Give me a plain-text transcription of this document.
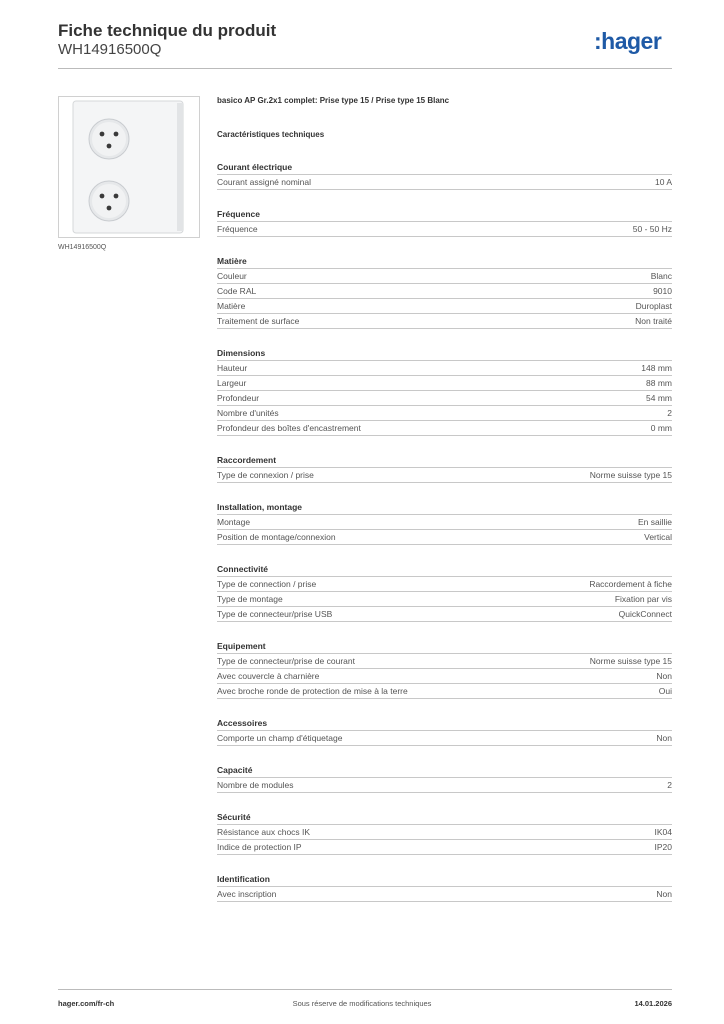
Fiche technique du produit
WH14916500Q	:hager
WH14916500Q
basico AP Gr.2x1 complet: Prise type 15 / Prise type 15 Blanc
Caractéristiques techniques
Courant électrique
Courant assigné nominal	10 A
Fréquence
Fréquence	50 - 50 Hz
Matière
Couleur	Blanc
Code RAL	9010
Matière	Duroplast
Traitement de surface	Non traité
Dimensions
Hauteur	148 mm
Largeur	88 mm
Profondeur	54 mm
Nombre d'unités	2
Profondeur des boîtes d'encastrement	0 mm
Raccordement
Type de connexion / prise	Norme suisse type 15
Installation, montage
Montage	En saillie
Position de montage/connexion	Vertical
Connectivité
Type de connection / prise	Raccordement à fiche
Type de montage	Fixation par vis
Type de connecteur/prise USB	QuickConnect
Equipement
Type de connecteur/prise de courant	Norme suisse type 15
Avec couvercle à charnière	Non
Avec broche ronde de protection de mise à la terre	Oui
Accessoires
Comporte un champ d'étiquetage	Non
Capacité
Nombre de modules	2
Sécurité
Résistance aux chocs IK	IK04
Indice de protection IP	IP20
Identification
Avec inscription	Non
hager.com/fr-ch	Sous réserve de modifications techniques	14.01.2026
